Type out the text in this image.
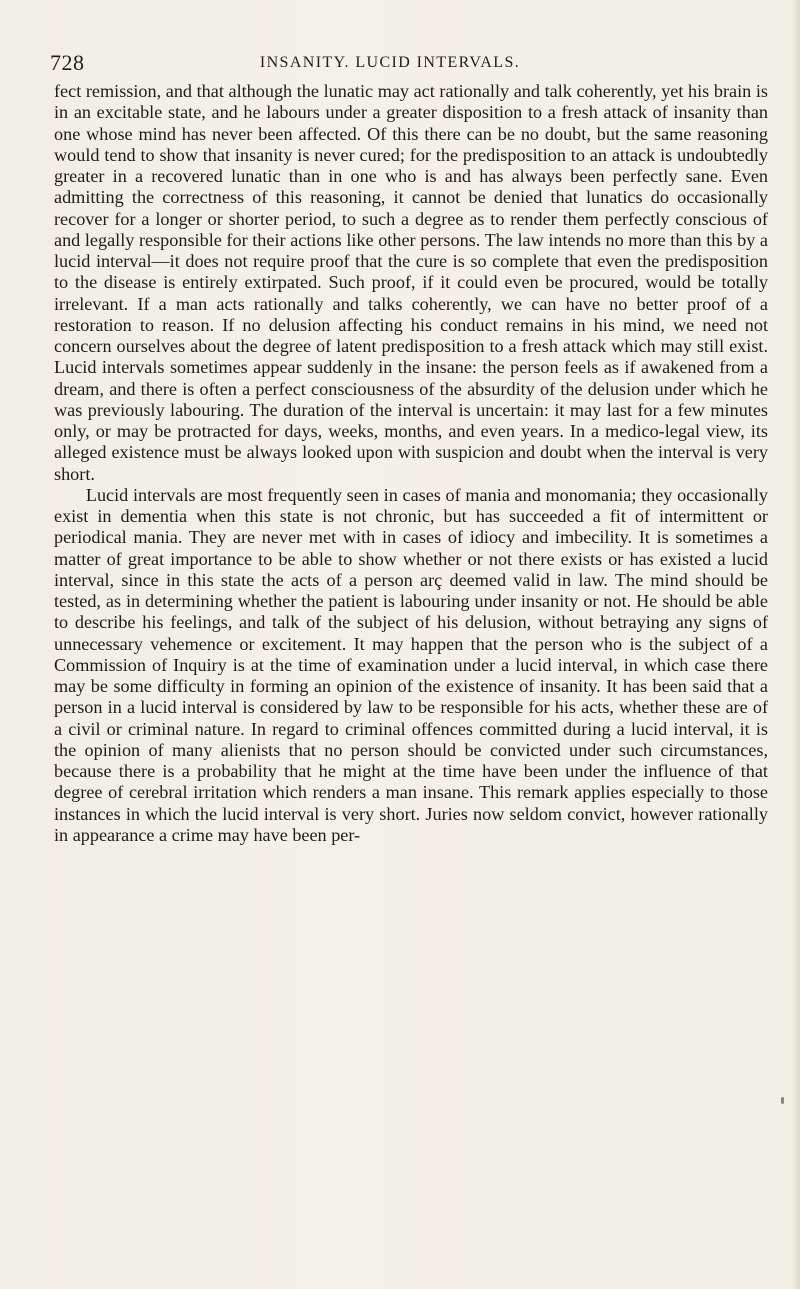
728	INSANITY. LUCID INTERVALS.

fect remission, and that although the lunatic may act rationally and talk coherently, yet his brain is in an excitable state, and he labours under a greater disposition to a fresh attack of insanity than one whose mind has never been affected. Of this there can be no doubt, but the same reasoning would tend to show that insanity is never cured; for the predisposition to an attack is undoubtedly greater in a recovered lunatic than in one who is and has always been perfectly sane. Even admitting the correctness of this reasoning, it cannot be denied that lunatics do occasionally recover for a longer or shorter period, to such a degree as to render them perfectly conscious of and legally responsible for their actions like other persons. The law intends no more than this by a lucid interval—it does not require proof that the cure is so complete that even the predisposition to the disease is entirely extirpated. Such proof, if it could even be procured, would be totally irrelevant. If a man acts rationally and talks coherently, we can have no better proof of a restoration to reason. If no delusion affecting his conduct remains in his mind, we need not concern ourselves about the degree of latent predisposition to a fresh attack which may still exist. Lucid intervals sometimes appear suddenly in the insane: the person feels as if awakened from a dream, and there is often a perfect consciousness of the absurdity of the delusion under which he was previously labouring. The duration of the interval is uncertain: it may last for a few minutes only, or may be protracted for days, weeks, months, and even years. In a medico-legal view, its alleged existence must be always looked upon with suspicion and doubt when the interval is very short.

Lucid intervals are most frequently seen in cases of mania and monomania; they occasionally exist in dementia when this state is not chronic, but has succeeded a fit of intermittent or periodical mania. They are never met with in cases of idiocy and imbecility. It is sometimes a matter of great importance to be able to show whether or not there exists or has existed a lucid interval, since in this state the acts of a person arç deemed valid in law. The mind should be tested, as in determining whether the patient is labouring under insanity or not. He should be able to describe his feelings, and talk of the subject of his delusion, without betraying any signs of unnecessary vehemence or excitement. It may happen that the person who is the subject of a Commission of Inquiry is at the time of examination under a lucid interval, in which case there may be some difficulty in forming an opinion of the existence of insanity. It has been said that a person in a lucid interval is considered by law to be responsible for his acts, whether these are of a civil or criminal nature. In regard to criminal offences committed during a lucid interval, it is the opinion of many alienists that no person should be convicted under such circumstances, because there is a probability that he might at the time have been under the influence of that degree of cerebral irritation which renders a man insane. This remark applies especially to those instances in which the lucid interval is very short. Juries now seldom convict, however rationally in appearance a crime may have been per-
